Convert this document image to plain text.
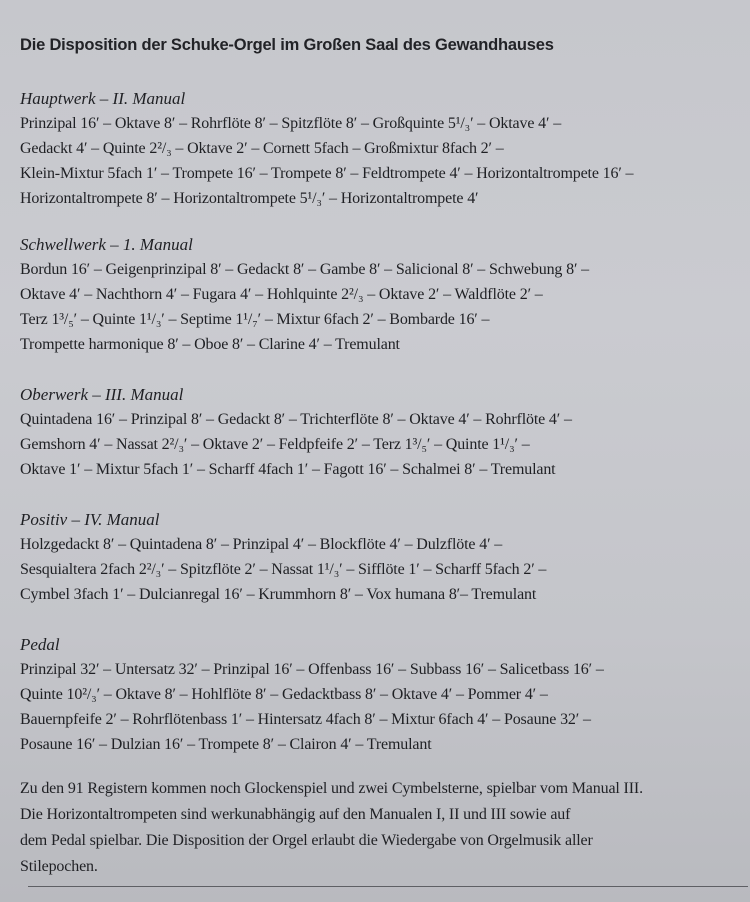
Die Disposition der Schuke-Orgel im Großen Saal des Gewandhauses
Hauptwerk – II. Manual
Prinzipal 16′ – Oktave 8′ – Rohrflöte 8′ – Spitzflöte 8′ – Großquinte 5¹/₃′ – Oktave 4′ –
Gedackt 4′ – Quinte 2²/₃ – Oktave 2′ – Cornett 5fach – Großmixtur 8fach 2′ –
Klein-Mixtur 5fach 1′ – Trompete 16′ – Trompete 8′ – Feldtrompete 4′ – Horizontaltrompete 16′ –
Horizontaltrompete 8′ – Horizontaltrompete 5¹/₃′ – Horizontaltrompete 4′
Schwellwerk – 1. Manual
Bordun 16′ – Geigenprinzipal 8′ – Gedackt 8′ – Gambe 8′ – Salicional 8′ – Schwebung 8′ –
Oktave 4′ – Nachthorn 4′ – Fugara 4′ – Hohlquinte 2²/₃ – Oktave 2′ – Waldflöte 2′ –
Terz 1³/₅′ – Quinte 1¹/₃′ – Septime 1¹/₇′ – Mixtur 6fach 2′ – Bombarde 16′ –
Trompette harmonique 8′ – Oboe 8′ – Clarine 4′ – Tremulant
Oberwerk – III. Manual
Quintadena 16′ – Prinzipal 8′ – Gedackt 8′ – Trichterflöte 8′ – Oktave 4′ – Rohrflöte 4′ –
Gemshorn 4′ – Nassat 2²/₃′ – Oktave 2′ – Feldpfeife 2′ – Terz 1³/₅′ – Quinte 1¹/₃′ –
Oktave 1′ – Mixtur 5fach 1′ – Scharff 4fach 1′ – Fagott 16′ – Schalmei 8′ – Tremulant
Positiv – IV. Manual
Holzgedackt 8′ – Quintadena 8′ – Prinzipal 4′ – Blockflöte 4′ – Dulzflöte 4′ –
Sesquialtera 2fach 2²/₃′ – Spitzflöte 2′ – Nassat 1¹/₃′ – Sifflöte 1′ – Scharff 5fach 2′ –
Cymbel 3fach 1′ – Dulcianregal 16′ – Krummhorn 8′ – Vox humana 8′– Tremulant
Pedal
Prinzipal 32′ – Untersatz 32′ – Prinzipal 16′ – Offenbass 16′ – Subbass 16′ – Salicetbass 16′ –
Quinte 10²/₃′ – Oktave 8′ – Hohlflöte 8′ – Gedacktbass 8′ – Oktave 4′ – Pommer 4′ –
Bauernpfeife 2′ – Rohrflötenbass 1′ – Hintersatz 4fach 8′ – Mixtur 6fach 4′ – Posaune 32′ –
Posaune 16′ – Dulzian 16′ – Trompete 8′ – Clairon 4′ – Tremulant
Zu den 91 Registern kommen noch Glockenspiel und zwei Cymbelsterne, spielbar vom Manual III.
Die Horizontaltrompeten sind werkunabhängig auf den Manualen I, II und III sowie auf
dem Pedal spielbar. Die Disposition der Orgel erlaubt die Wiedergabe von Orgelmusik aller
Stilepochen.
